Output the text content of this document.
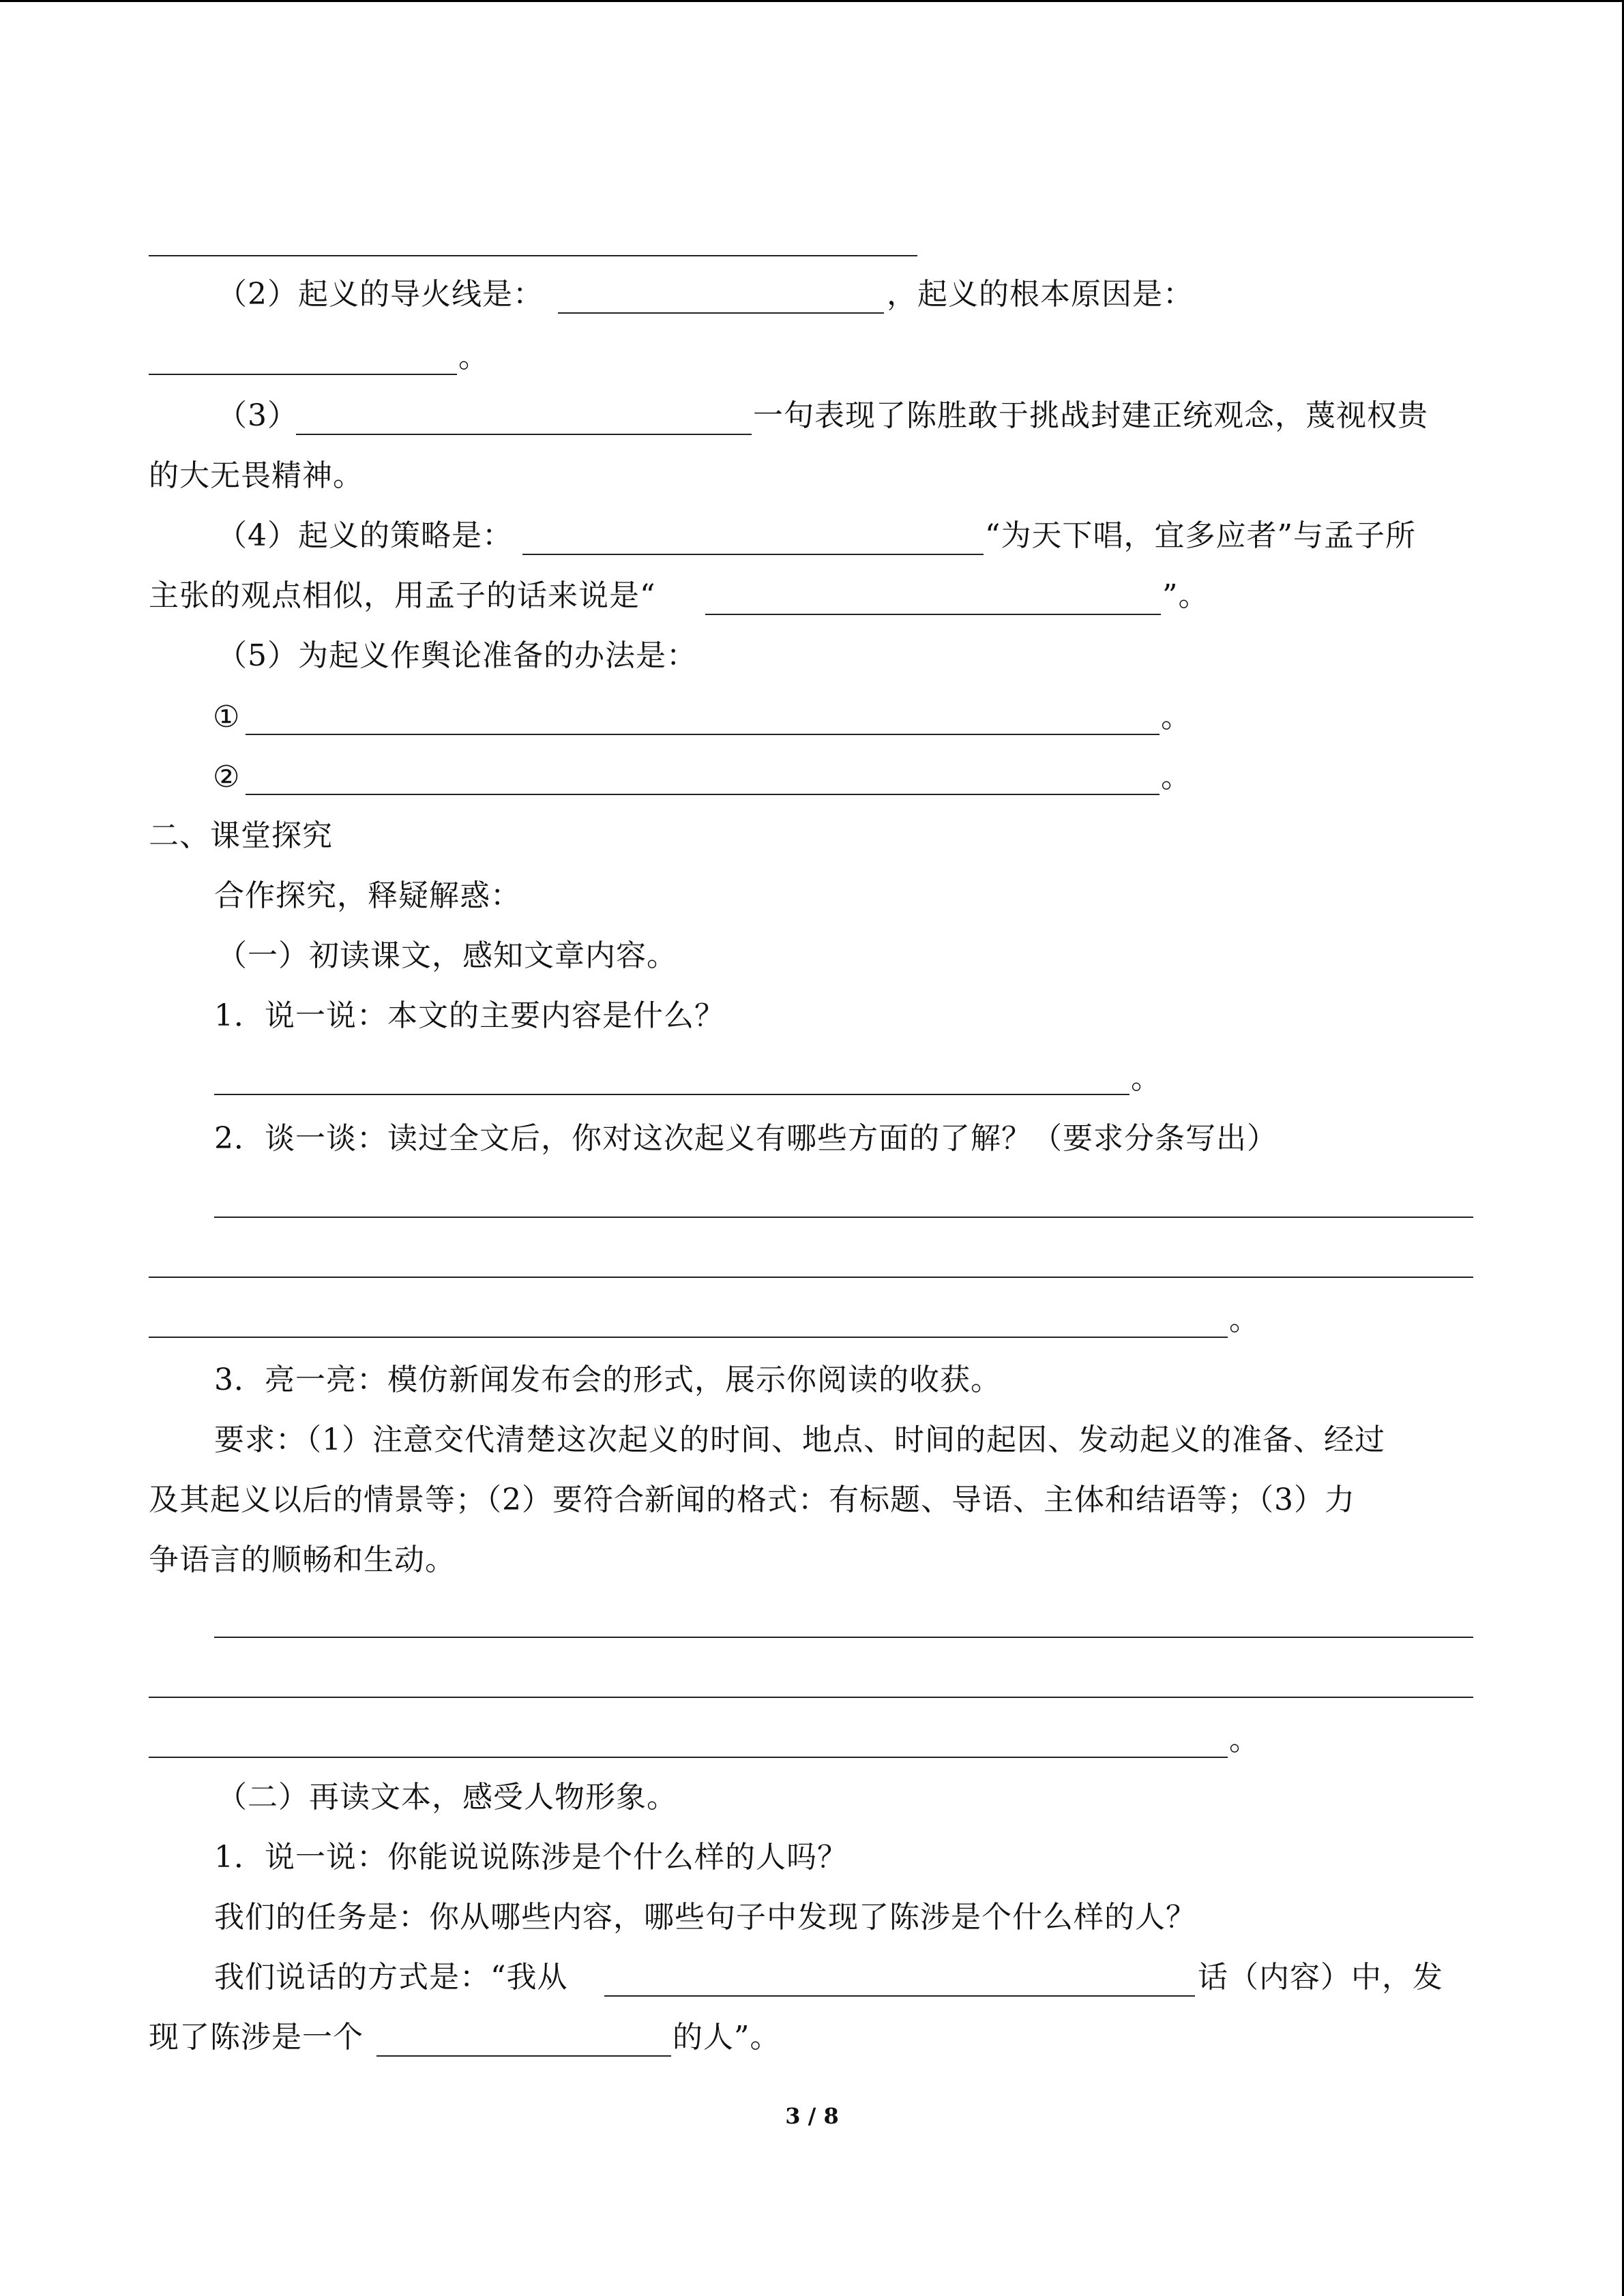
（2）起义的导火线是：	，起义的根本原因是：
。
（3）	一句表现了陈胜敢于挑战封建正统观念，蔑视权贵
的大无畏精神。
（4）起义的策略是：	“为天下唱，宜多应者”与孟子所
主张的观点相似，用孟子的话来说是“	”。
（5）为起义作舆论准备的办法是：
①	。
②	。
二、课堂探究
合作探究，释疑解惑：
（一）初读课文，感知文章内容。
1．说一说：本文的主要内容是什么？
。
2．谈一谈：读过全文后，你对这次起义有哪些方面的了解？（要求分条写出）
。
3．亮一亮：模仿新闻发布会的形式，展示你阅读的收获。
要求：（1）注意交代清楚这次起义的时间、地点、时间的起因、发动起义的准备、经过
及其起义以后的情景等；（2）要符合新闻的格式：有标题、导语、主体和结语等；（3）力
争语言的顺畅和生动。
。
（二）再读文本，感受人物形象。
1．说一说：你能说说陈涉是个什么样的人吗？
我们的任务是：你从哪些内容，哪些句子中发现了陈涉是个什么样的人？
我们说话的方式是：“我从	话（内容）中，发
现了陈涉是一个	的人”。
3 / 8
